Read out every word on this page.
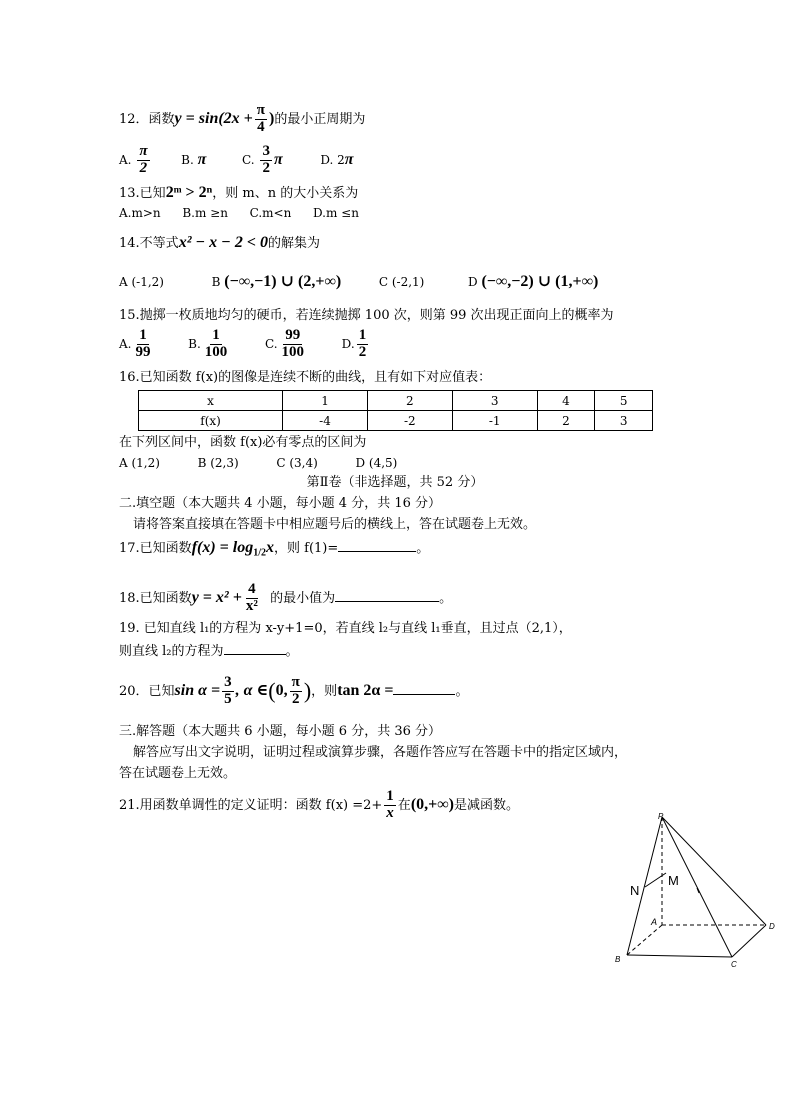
12．函数$y = \sin(2x + \frac{\pi}{4}$ )的最小正周期为
A. $\frac{\pi}{2}$	B. π	C. $\frac{3}{2}$ π	D. 2π
13.已知2ᵐ > 2ⁿ，则 m、n 的大小关系为
A.m>n B.m ≥n C.m<n D.m ≤n
14.不等式x² − x − 2 < 0的解集为
A (-1,2)	B (−∞,−1) ∪ (2,+∞)	C (-2,1)	D (−∞,−2) ∪ (1,+∞)
15.抛掷一枚质地均匀的硬币，若连续抛掷 100 次，则第 99 次出现正面向上的概率为
A. $\frac{1}{99}$	B. $\frac{1}{100}$	C. $\frac{99}{100}$	D. $\frac{1}{2}$
16.已知函数 f(x)的图像是连续不断的曲线，且有如下对应值表：
x	1	2	3	4	5
f(x)	-4	-2	-1	2	3
在下列区间中，函数 f(x)必有零点的区间为
A (1,2)	B (2,3)	C (3,4)	D (4,5)
第Ⅱ卷（非选择题，共 52 分）
二.填空题（本大题共 4 小题，每小题 4 分，共 16 分）
请将答案直接填在答题卡中相应题号后的横线上，答在试题卷上无效。
17.已知函数$f(x) = \log_{1/2}x$，则 f(1)=	。
18.已知函数$y = x^2 + \frac{4}{\text{x²}}$ 的最小值为	。
19. 已知直线 l₁的方程为 x-y+1=0，若直线 l₂与直线 l₁垂直，且过点（2,1），
则直线 l₂的方程为	。
20．已知$\sin \alpha = \frac{3}{5}$ , α ∈(0, $\frac{\pi}{2}$ )，则tan 2α =	。
三.解答题（本大题共 6 小题，每小题 6 分，共 36 分）
解答应写出文字说明，证明过程或演算步骤，各题作答应写在答题卡中的指定区域内，
答在试题卷上无效。
21.用函数单调性的定义证明：函数 $f(x) =2+ \frac{1}{x}$ 在(0,+∞)是减函数。
P
N
M
A	D
B
C
